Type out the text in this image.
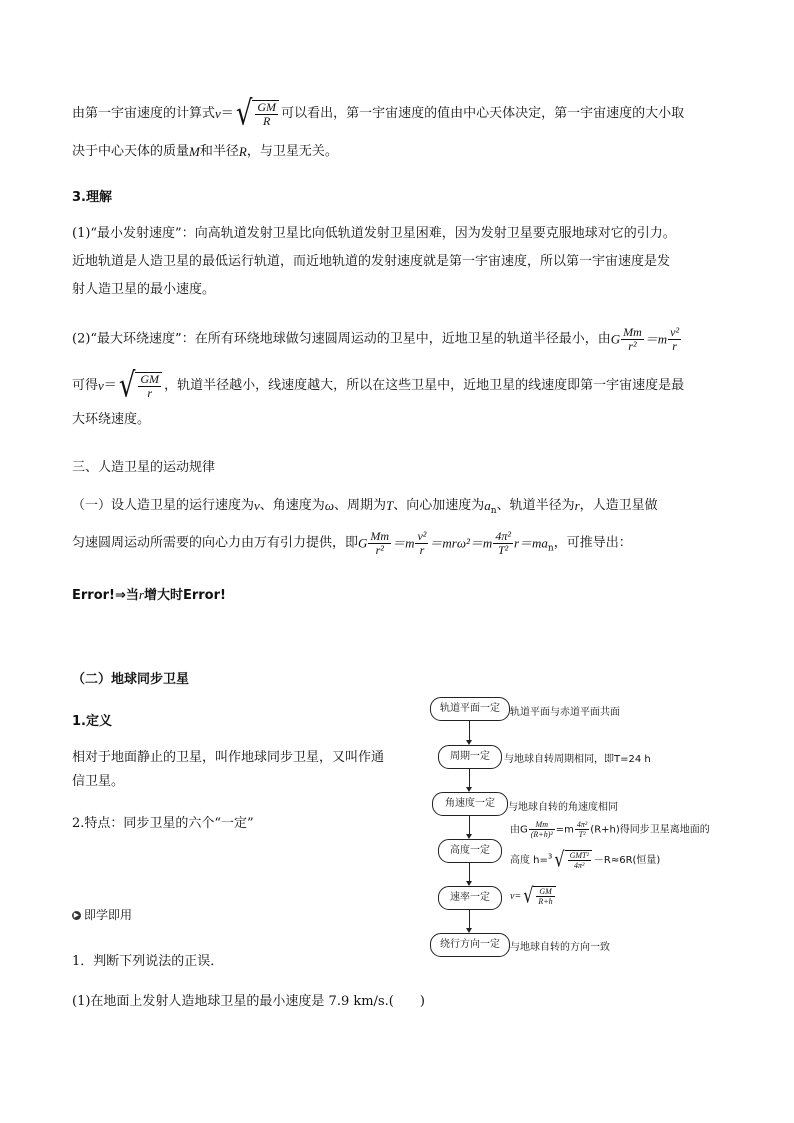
由第一宇宙速度的计算式$v=√ \frac{GM}{R}$ 可以看出，第一宇宙速度的值由中心天体决定，第一宇宙速度的大小取
决于中心天体的质量M和半径R，与卫星无关。
3.理解
(1)“最小发射速度”：向高轨道发射卫星比向低轨道发射卫星困难，因为发射卫星要克服地球对它的引力。
近地轨道是人造卫星的最低运行轨道，而近地轨道的发射速度就是第一宇宙速度，所以第一宇宙速度是发
射人造卫星的最小速度。
(2)“最大环绕速度”：在所有环绕地球做匀速圆周运动的卫星中，近地卫星的轨道半径最小，由G $\frac{Mm}{\text{r²}} =m \frac{\text{v²}}{r}$
可得$v=√ \frac{GM}{r}$ ，轨道半径越小，线速度越大，所以在这些卫星中，近地卫星的线速度即第一宇宙速度是最
大环绕速度。
三、人造卫星的运动规律
（一）设人造卫星的运行速度为v、角速度为ω、周期为T、向心加速度为$a_n$、轨道半径为r，人造卫星做
匀速圆周运动所需要的向心力由万有引力提供，即G $\frac{Mm}{\text{r²}} =m \frac{\text{v²}}{r} =mr\omega^2=m \frac{\text{4π²}}{\text{T²}} r=ma_n$，可推导出：
Error!⇒当r增大时Error!
（二）地球同步卫星
1.定义
相对于地面静止的卫星，叫作地球同步卫星，又叫作通
信卫星。
2.特点：同步卫星的六个“一定”
▶ 即学即用
1．判断下列说法的正误．
(1)在地面上发射人造地球卫星的最小速度是 7.9 km/s.(　　)
轨道平面一定
周期一定
角速度一定
高度一定
速率一定
绕行方向一定
轨道平面与赤道平面共面
与地球自转周期相同，即T=24 h
与地球自转的角速度相同
由G $\frac{Mm}{\text{(R+h)²}} =m \frac{\text{4π²}}{\text{T²}} (R+h)$得同步卫星离地面的
高度 h=$^3$ √ $\frac{\text{GMT²}}{\text{4π²}} -R\approx 6R$(恒量)
v= √ $\frac{GM}{R+h}$
与地球自转的方向一致
